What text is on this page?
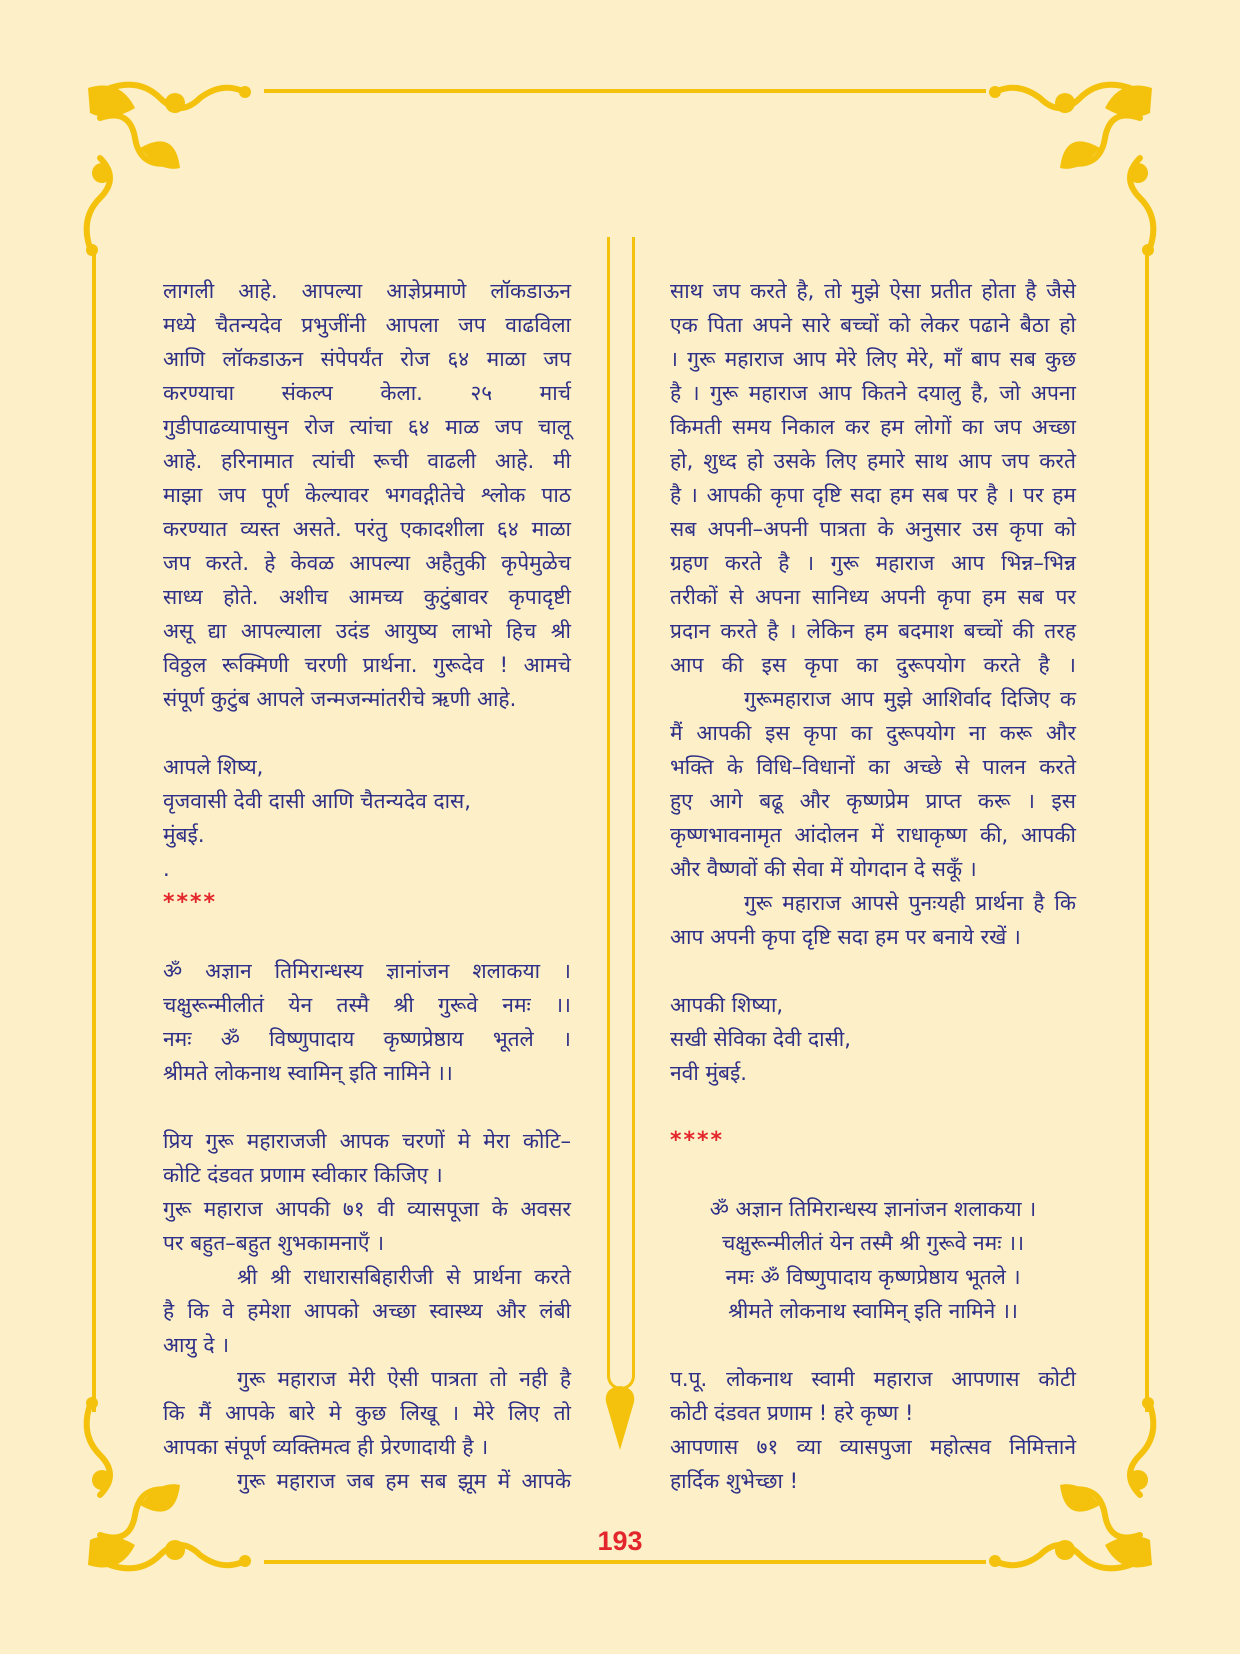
लागली आहे. आपल्या आज्ञेप्रमाणे लॉकडाऊन
मध्ये चैतन्यदेव प्रभुजींनी आपला जप वाढविला
आणि लॉकडाऊन संपेपर्यंत रोज ६४ माळा जप
करण्याचा संकल्प केला. २५ मार्च
गुडीपाढव्यापासुन रोज त्यांचा ६४ माळ जप चालू
आहे. हरिनामात त्यांची रूची वाढली आहे. मी
माझा जप पूर्ण केल्यावर भगवद्गीतेचे श्लोक पाठ
करण्यात व्यस्त असते. परंतु एकादशीला ६४ माळा
जप करते. हे केवळ आपल्या अहैतुकी कृपेमुळेच
साध्य होते. अशीच आमच्य कुटुंबावर कृपादृष्टी
असू द्या आपल्याला उदंड आयुष्य लाभो हिच श्री
विठ्ठल रूक्मिणी चरणी प्रार्थना. गुरूदेव ! आमचे
संपूर्ण कुटुंब आपले जन्मजन्मांतरीचे ऋणी आहे.
आपले शिष्य,
वृजवासी देवी दासी आणि चैतन्यदेव दास,
मुंबई.
.
****
ॐ अज्ञान तिमिरान्धस्य ज्ञानांजन शलाकया ।
चक्षुरून्मीलीतं येन तस्मै श्री गुरूवे नमः ।।
नमः ॐ विष्णुपादाय कृष्णप्रेष्ठाय भूतले ।
श्रीमते लोकनाथ स्वामिन् इति नामिने ।।
प्रिय गुरू महाराजजी आपक चरणों मे मेरा कोटि–
कोटि दंडवत प्रणाम स्वीकार किजिए ।
गुरू महाराज आपकी ७१ वी व्यासपूजा के अवसर
पर बहुत–बहुत शुभकामनाएँ ।
श्री श्री राधारासबिहारीजी से प्रार्थना करते
है कि वे हमेशा आपको अच्छा स्वास्थ्य और लंबी
आयु दे ।
गुरू महाराज मेरी ऐसी पात्रता तो नही है
कि मैं आपके बारे मे कुछ लिखू । मेरे लिए तो
आपका संपूर्ण व्यक्तिमत्व ही प्रेरणादायी है ।
गुरू महाराज जब हम सब झूम में आपके
साथ जप करते है, तो मुझे ऐसा प्रतीत होता है जैसे
एक पिता अपने सारे बच्चों को लेकर पढाने बैठा हो
। गुरू महाराज आप मेरे लिए मेरे, माँ बाप सब कुछ
है । गुरू महाराज आप कितने दयालु है, जो अपना
किमती समय निकाल कर हम लोगों का जप अच्छा
हो, शुध्द हो उसके लिए हमारे साथ आप जप करते
है । आपकी कृपा दृष्टि सदा हम सब पर है । पर हम
सब अपनी–अपनी पात्रता के अनुसार उस कृपा को
ग्रहण करते है । गुरू महाराज आप भिन्न–भिन्न
तरीकों से अपना सानिध्य अपनी कृपा हम सब पर
प्रदान करते है । लेकिन हम बदमाश बच्चों की तरह
आप की इस कृपा का दुरूपयोग करते है ।
गुरूमहाराज आप मुझे आशिर्वाद दिजिए क
मैं आपकी इस कृपा का दुरूपयोग ना करू और
भक्ति के विधि–विधानों का अच्छे से पालन करते
हुए आगे बढू और कृष्णप्रेम प्राप्त करू । इस
कृष्णभावनामृत आंदोलन में राधाकृष्ण की, आपकी
और वैष्णवों की सेवा में योगदान दे सकूँ ।
गुरू महाराज आपसे पुनःयही प्रार्थना है कि
आप अपनी कृपा दृष्टि सदा हम पर बनाये रखें ।
आपकी शिष्या,
सखी सेविका देवी दासी,
नवी मुंबई.
****
ॐ अज्ञान तिमिरान्धस्य ज्ञानांजन शलाकया ।
चक्षुरून्मीलीतं येन तस्मै श्री गुरूवे नमः ।।
नमः ॐ विष्णुपादाय कृष्णप्रेष्ठाय भूतले ।
श्रीमते लोकनाथ स्वामिन् इति नामिने ।।
प.पू. लोकनाथ स्वामी महाराज आपणास कोटी
कोटी दंडवत प्रणाम ! हरे कृष्ण !
आपणास ७१ व्या व्यासपुजा महोत्सव निमित्ताने
हार्दिक शुभेच्छा !
193
